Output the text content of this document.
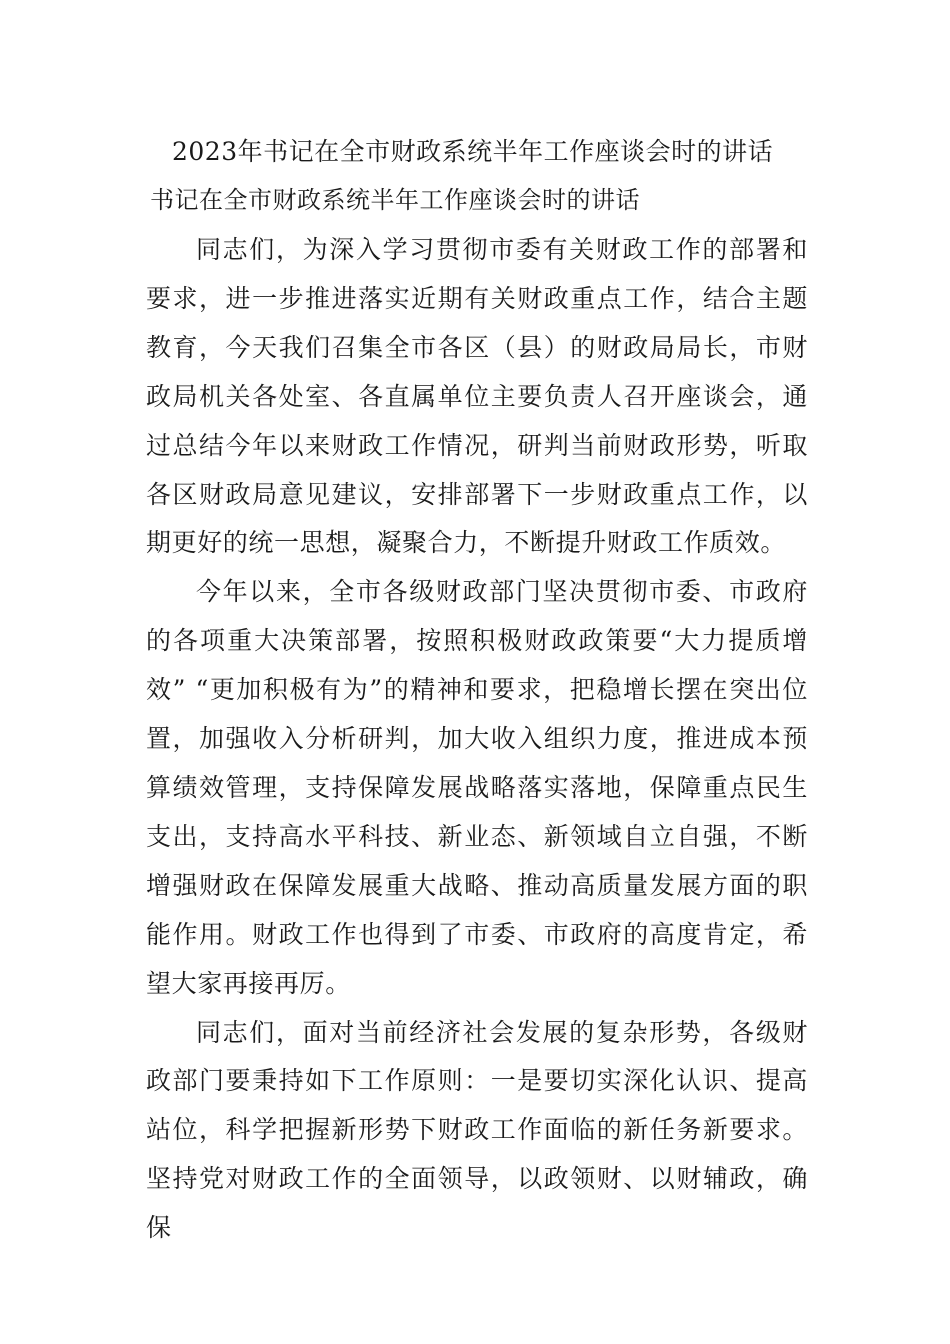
2023年书记在全市财政系统半年工作座谈会时的讲话
书记在全市财政系统半年工作座谈会时的讲话

同志们，为深入学习贯彻市委有关财政工作的部署和要求，进一步推进落实近期有关财政重点工作，结合主题教育，今天我们召集全市各区（县）的财政局局长，市财政局机关各处室、各直属单位主要负责人召开座谈会，通过总结今年以来财政工作情况，研判当前财政形势，听取各区财政局意见建议，安排部署下一步财政重点工作，以期更好的统一思想，凝聚合力，不断提升财政工作质效。

今年以来，全市各级财政部门坚决贯彻市委、市政府的各项重大决策部署，按照积极财政政策要“大力提质增效” “更加积极有为”的精神和要求，把稳增长摆在突出位置，加强收入分析研判，加大收入组织力度，推进成本预算绩效管理，支持保障发展战略落实落地，保障重点民生支出，支持高水平科技、新业态、新领域自立自强，不断增强财政在保障发展重大战略、推动高质量发展方面的职能作用。财政工作也得到了市委、市政府的高度肯定，希望大家再接再厉。

同志们，面对当前经济社会发展的复杂形势，各级财政部门要秉持如下工作原则：一是要切实深化认识、提高站位，科学把握新形势下财政工作面临的新任务新要求。坚持党对财政工作的全面领导，以政领财、以财辅政，确保
